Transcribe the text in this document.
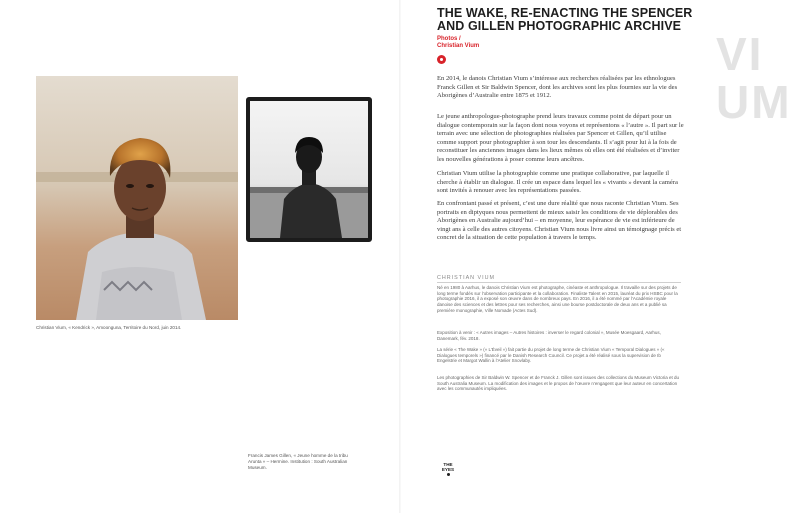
Christian Vium, « Kendrick », Amoonguna, Territoire du Nord, juin 2014.
Francis James Gillen, « Jeune homme de la tribu Arunta » – Hermine. Institution : South Australian Museum.
THE WAKE, RE-ENACTING THE SPENCER AND GILLEN PHOTOGRAPHIC ARCHIVE
Photos /
Christian Vium	VI UM

En 2014, le danois Christian Vium s’intéresse aux recherches réalisées par les ethnologues Franck Gillen et Sir Baldwin Spencer, dont les archives sont les plus fournies sur la vie des Aborigènes d’Australie entre 1875 et 1912.

Le jeune anthropologue-photographe prend leurs travaux comme point de départ pour un dialogue contemporain sur la façon dont nous voyons et représentons « l’autre ». Il part sur le terrain avec une sélection de photographies réalisées par Spencer et Gillen, qu’il utilise comme support pour photographier à son tour les descendants. Il s’agit pour lui à la fois de reconstituer les anciennes images dans les lieux mêmes où elles ont été réalisées et d’inviter les nouvelles générations à poser comme leurs ancêtres.

Christian Vium utilise la photographie comme une pratique collaborative, par laquelle il cherche à établir un dialogue. Il crée un espace dans lequel les « vivants » devant la caméra sont invités à renouer avec les représentations passées.

En confrontant passé et présent, c’est une dure réalité que nous raconte Christian Vium. Ses portraits en diptyques nous permettent de mieux saisir les conditions de vie déplorables des Aborigènes en Australie aujourd’hui – en moyenne, leur espérance de vie est inférieure de vingt ans à celle des autres citoyens. Christian Vium nous livre ainsi un témoignage précis et concret de la situation de cette population à travers le temps.

CHRISTIAN VIUM

Né en 1980 à Aarhus, le danois Christian Vium est photographe, cinéaste et anthropologue. Il travaille sur des projets de long terme fondés sur l’observation participante et la collaboration. Finaliste Talent en 2015, lauréat du prix HSBC pour la photographie 2016, il a exposé son œuvre dans de nombreux pays. En 2016, il a été nommé par l’Académie royale danoise des sciences et des lettres pour ses recherches, ainsi une bourse postdoctorale de deux ans et a publié sa première monographie, Ville Nomade (Actes Sud).

Exposition à venir : « Autres images – Autres histoires : inverser le regard colonial », Musée Moesgaard, Aarhus, Danemark, fév. 2018.

La série « The Wake » (« L’Éveil ») fait partie du projet de long terme de Christian Vium « Temporal Dialogues » (« Dialogues temporels ») financé par le Danish Research Council. Ce projet a été réalisé sous la supervision de Ib Engelstrie et Margot Wallin à l’Atelier Snovlaby.

Les photographies de Sir Baldwin W. Spencer et de Franck J. Gillen sont issues des collections du Museum Victoria et du South Australia Museum. La modification des images et le propos de l’œuvre n’engagent que leur auteur en concertation avec les communautés impliquées.

THE
EYES
